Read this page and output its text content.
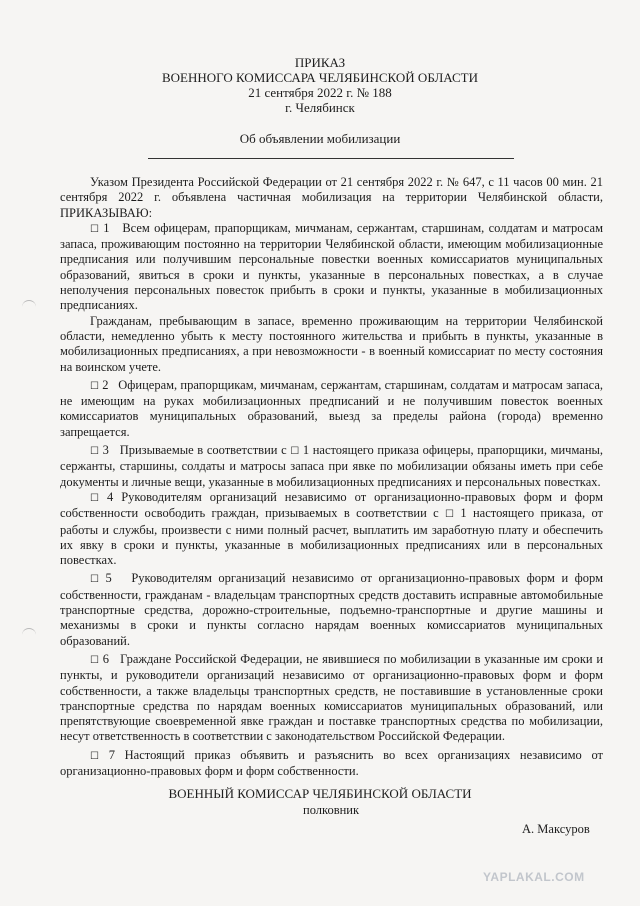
ПРИКАЗ
ВОЕННОГО КОМИССАРА ЧЕЛЯБИНСКОЙ ОБЛАСТИ
21 сентября 2022 г. № 188
г. Челябинск
Об объявлении мобилизации

Указом Президента Российской Федерации от 21 сентября 2022 г. № 647, с 11 часов 00 мин. 21 сентября 2022 г. объявлена частичная мобилизация на территории Челябинской области, ПРИКАЗЫВАЮ:

☐ 1 Всем офицерам, прапорщикам, мичманам, сержантам, старшинам, солдатам и матросам запаса, проживающим постоянно на территории Челябинской области, имеющим мобилизационные предписания или получившим персональные повестки военных комиссариатов муниципальных образований, явиться в сроки и пункты, указанные в персональных повестках, а в случае неполучения персональных повесток прибыть в сроки и пункты, указанные в мобилизационных предписаниях.

Гражданам, пребывающим в запасе, временно проживающим на территории Челябинской области, немедленно убыть к месту постоянного жительства и прибыть в пункты, указанные в мобилизационных предписаниях, а при невозможности - в военный комиссариат по месту состояния на воинском учете.

☐ 2 Офицерам, прапорщикам, мичманам, сержантам, старшинам, солдатам и матросам запаса, не имеющим на руках мобилизационных предписаний и не получившим повесток военных комиссариатов муниципальных образований, выезд за пределы района (города) временно запрещается.

☐ 3 Призываемые в соответствии с ☐ 1 настоящего приказа офицеры, прапорщики, мичманы, сержанты, старшины, солдаты и матросы запаса при явке по мобилизации обязаны иметь при себе документы и личные вещи, указанные в мобилизационных предписаниях и персональных повестках.

☐ 4 Руководителям организаций независимо от организационно-правовых форм и форм собственности освободить граждан, призываемых в соответствии с ☐ 1 настоящего приказа, от работы и службы, произвести с ними полный расчет, выплатить им заработную плату и обеспечить их явку в сроки и пункты, указанные в мобилизационных предписаниях или в персональных повестках.

☐ 5 Руководителям организаций независимо от организационно-правовых форм и форм собственности, гражданам - владельцам транспортных средств доставить исправные автомобильные транспортные средства, дорожно-строительные, подъемно-транспортные и другие машины и механизмы в сроки и пункты согласно нарядам военных комиссариатов муниципальных образований.

☐ 6 Граждане Российской Федерации, не явившиеся по мобилизации в указанные им сроки и пункты, и руководители организаций независимо от организационно-правовых форм и форм собственности, а также владельцы транспортных средств, не поставившие в установленные сроки транспортные средства по нарядам военных комиссариатов муниципальных образований, или препятствующие своевременной явке граждан и поставке транспортных средства по мобилизации, несут ответственность в соответствии с законодательством Российской Федерации.

☐ 7 Настоящий приказ объявить и разъяснить во всех организациях независимо от организационно-правовых форм и форм собственности.

ВОЕННЫЙ КОМИССАР ЧЕЛЯБИНСКОЙ ОБЛАСТИ
полковник
А. Максуров
YAPLAKAL.COM
